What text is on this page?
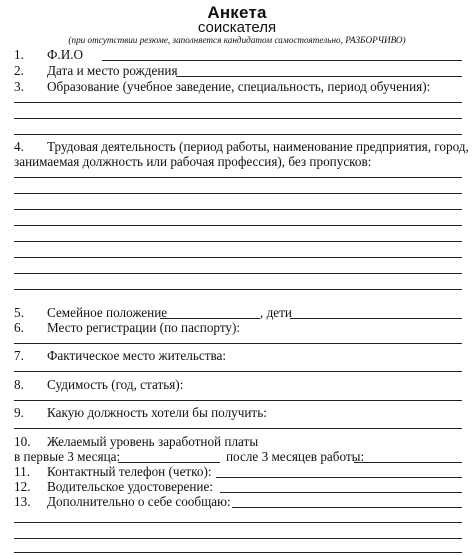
Анкета
соискателя
(при отсутствии резюме, заполняется кандидатом самостоятельно, РАЗБОРЧИВО)
1. Ф.И.О
2. Дата и место рождения
3. Образование (учебное заведение, специальность, период обучения):
4. Трудовая деятельность (период работы, наименование предприятия, город,
занимаемая должность или рабочая профессия), без пропусков:
5. Семейное положение	, дети
6. Место регистрации (по паспорту):
7. Фактическое место жительства:
8. Судимость (год, статья):
9. Какую должность хотели бы получить:
10. Желаемый уровень заработной платы
в первые 3 месяца:	после 3 месяцев работы:
11. Контактный телефон (четко):
12. Водительское удостоверение:
13. Дополнительно о себе сообщаю:
